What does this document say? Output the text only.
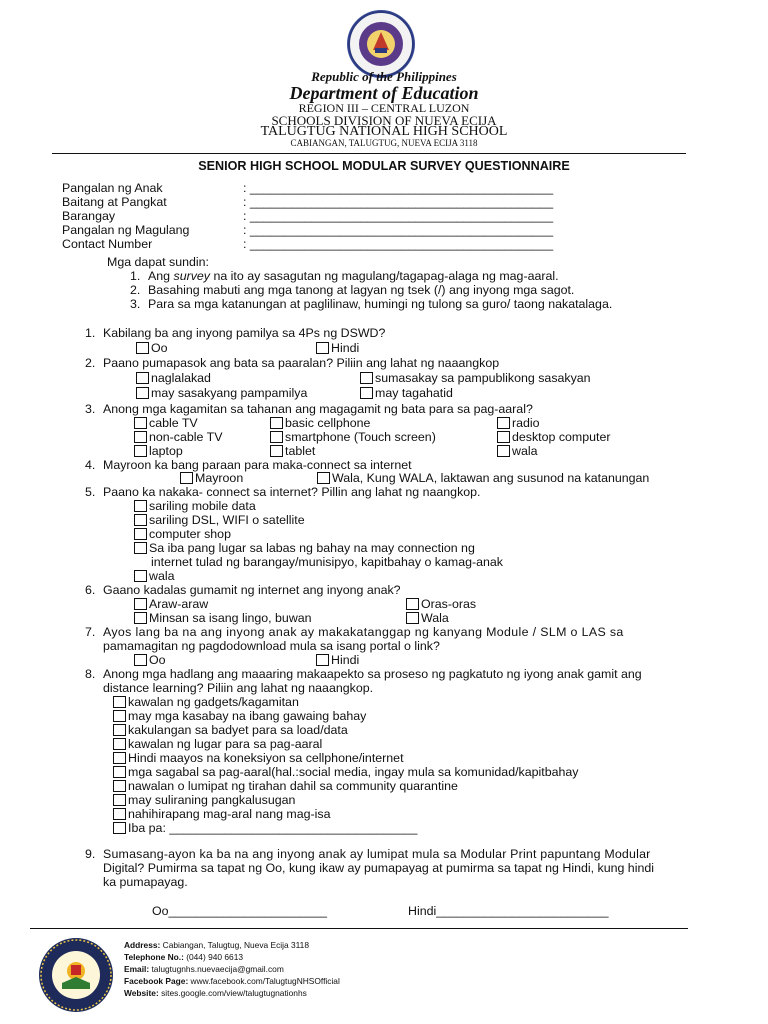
Republic of the Philippines
Department of Education
REGION III – CENTRAL LUZON
SCHOOLS DIVISION OF NUEVA ECIJA
TALUGTUG NATIONAL HIGH SCHOOL
CABIANGAN, TALUGTUG, NUEVA ECIJA 3118
SENIOR HIGH SCHOOL MODULAR SURVEY QUESTIONNAIRE
Pangalan ng Anak	: ____________________________________________
Baitang at Pangkat	: ____________________________________________
Barangay	: ____________________________________________
Pangalan ng Magulang	: ____________________________________________
Contact Number	: ____________________________________________
Mga dapat sundin:
1. Ang survey na ito ay sasagutan ng magulang/tagapag-alaga ng mag-aaral.
2. Basahing mabuti ang mga tanong at lagyan ng tsek (/) ang inyong mga sagot.
3. Para sa mga katanungan at paglilinaw, humingi ng tulong sa guro/ taong nakatalaga.
1. Kabilang ba ang inyong pamilya sa 4Ps ng DSWD?
Oo	Hindi
2. Paano pumapasok ang bata sa paaralan? Piliin ang lahat ng naaangkop
naglalakad	sumasakay sa pampublikong sasakyan
may sasakyang pampamilya	may tagahatid
3. Anong mga kagamitan sa tahanan ang magagamit ng bata para sa pag-aaral?
cable TV	basic cellphone	radio
non-cable TV	smartphone (Touch screen)	desktop computer
laptop	tablet	wala
4. Mayroon ka bang paraan para maka-connect sa internet
Mayroon	Wala, Kung WALA, laktawan ang susunod na katanungan
5. Paano ka nakaka- connect sa internet? Pillin ang lahat ng naangkop.
sariling mobile data
sariling DSL, WIFI o satellite
computer shop
Sa iba pang lugar sa labas ng bahay na may connection ng
internet tulad ng barangay/munisipyo, kapitbahay o kamag-anak
wala
6. Gaano kadalas gumamit ng internet ang inyong anak?
Araw-araw	Oras-oras
Minsan sa isang lingo, buwan	Wala
7. Ayos lang ba na ang inyong anak ay makakatanggap ng kanyang Module / SLM o LAS sa
pamamagitan ng pagdodownload mula sa isang portal o link?
Oo	Hindi
8. Anong mga hadlang ang maaaring makaapekto sa proseso ng pagkatuto ng iyong anak gamit ang
distance learning? Piliin ang lahat ng naaangkop.
kawalan ng gadgets/kagamitan
may mga kasabay na ibang gawaing bahay
kakulangan sa badyet para sa load/data
kawalan ng lugar para sa pag-aaral
Hindi maayos na koneksiyon sa cellphone/internet
mga sagabal sa pag-aaral(hal.:social media, ingay mula sa komunidad/kapitbahay
nawalan o lumipat ng tirahan dahil sa community quarantine
may suliraning pangkalusugan
nahihirapang mag-aral nang mag-isa
Iba pa: ____________________________________
9. Sumasang-ayon ka ba na ang inyong anak ay lumipat mula sa Modular Print papuntang Modular
Digital? Pumirma sa tapat ng Oo, kung ikaw ay pumapayag at pumirma sa tapat ng Hindi, kung hindi
ka pumapayag.
Oo_______________________	Hindi_________________________
Address: Cabiangan, Talugtug, Nueva Ecija 3118
Telephone No.: (044) 940 6613
Email: talugtugnhs.nuevaecija@gmail.com
Facebook Page: www.facebook.com/TalugtugNHSOfficial
Website: sites.google.com/view/talugtugnationhs
